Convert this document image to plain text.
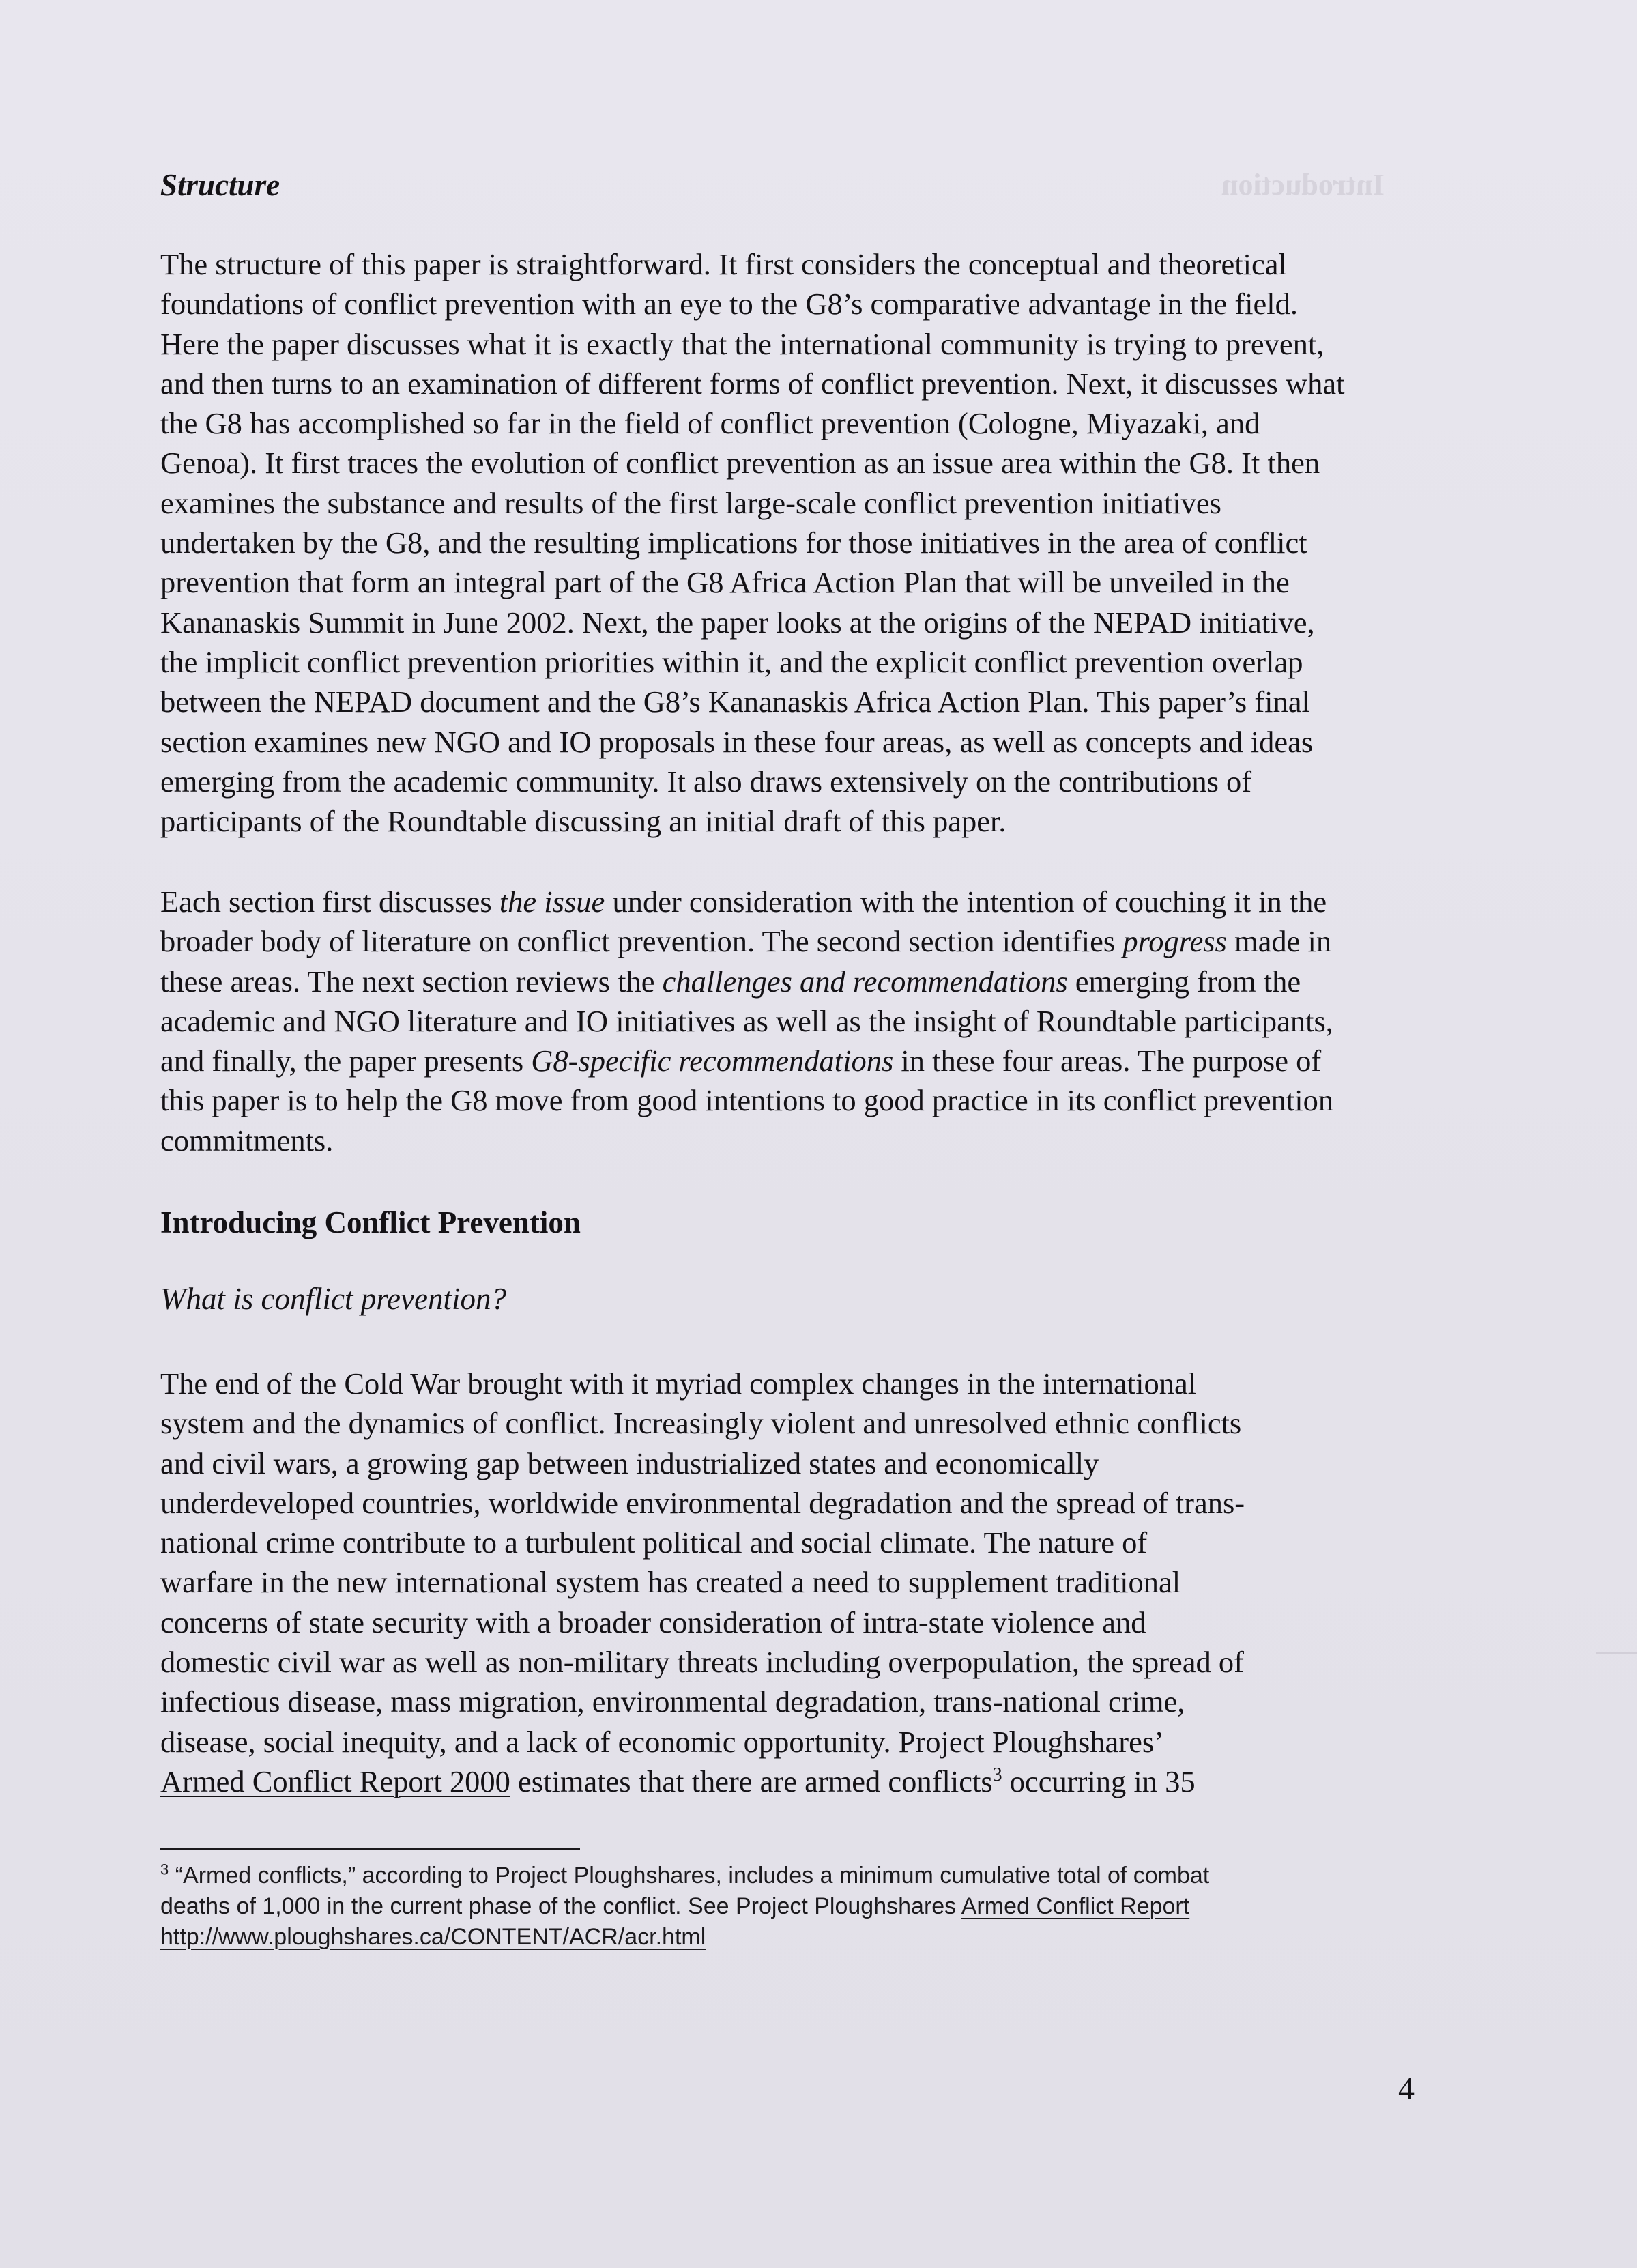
Introduction
Structure
The structure of this paper is straightforward. It first considers the conceptual and theoretical
foundations of conflict prevention with an eye to the G8’s comparative advantage in the field.
Here the paper discusses what it is exactly that the international community is trying to prevent,
and then turns to an examination of different forms of conflict prevention. Next, it discusses what
the G8 has accomplished so far in the field of conflict prevention (Cologne, Miyazaki, and
Genoa). It first traces the evolution of conflict prevention as an issue area within the G8. It then
examines the substance and results of the first large-scale conflict prevention initiatives
undertaken by the G8, and the resulting implications for those initiatives in the area of conflict
prevention that form an integral part of the G8 Africa Action Plan that will be unveiled in the
Kananaskis Summit in June 2002. Next, the paper looks at the origins of the NEPAD initiative,
the implicit conflict prevention priorities within it, and the explicit conflict prevention overlap
between the NEPAD document and the G8’s Kananaskis Africa Action Plan. This paper’s final
section examines new NGO and IO proposals in these four areas, as well as concepts and ideas
emerging from the academic community. It also draws extensively on the contributions of
participants of the Roundtable discussing an initial draft of this paper.
Each section first discusses the issue under consideration with the intention of couching it in the
broader body of literature on conflict prevention. The second section identifies progress made in
these areas. The next section reviews the challenges and recommendations emerging from the
academic and NGO literature and IO initiatives as well as the insight of Roundtable participants,
and finally, the paper presents G8-specific recommendations in these four areas. The purpose of
this paper is to help the G8 move from good intentions to good practice in its conflict prevention
commitments.
Introducing Conflict Prevention
What is conflict prevention?
The end of the Cold War brought with it myriad complex changes in the international
system and the dynamics of conflict. Increasingly violent and unresolved ethnic conflicts
and civil wars, a growing gap between industrialized states and economically
underdeveloped countries, worldwide environmental degradation and the spread of trans-
national crime contribute to a turbulent political and social climate. The nature of
warfare in the new international system has created a need to supplement traditional
concerns of state security with a broader consideration of intra-state violence and
domestic civil war as well as non-military threats including overpopulation, the spread of
infectious disease, mass migration, environmental degradation, trans-national crime,
disease, social inequity, and a lack of economic opportunity. Project Ploughshares’
Armed Conflict Report 2000 estimates that there are armed conflicts$^3$ occurring in 35
$^3$ “Armed conflicts,” according to Project Ploughshares, includes a minimum cumulative total of combat
deaths of 1,000 in the current phase of the conflict. See Project Ploughshares Armed Conflict Report
http://www.ploughshares.ca/CONTENT/ACR/acr.html
4
